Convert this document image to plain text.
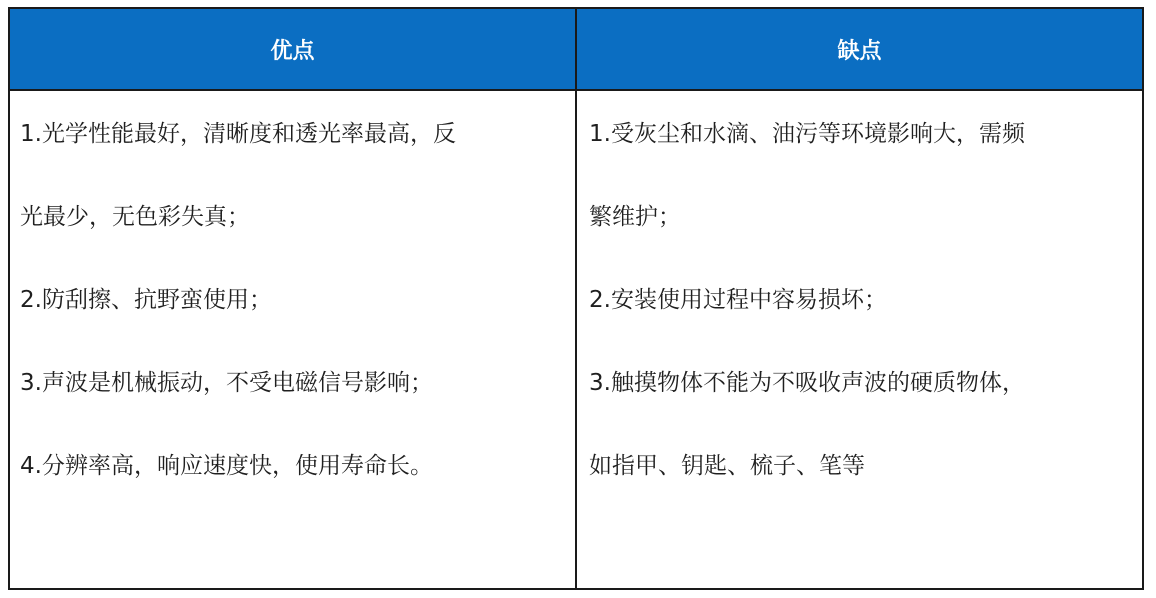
优点	缺点
1.光学性能最好，清晰度和透光率最高，反
光最少，无色彩失真；
2.防刮擦、抗野蛮使用；
3.声波是机械振动，不受电磁信号影响；
4.分辨率高，响应速度快，使用寿命长。
1.受灰尘和水滴、油污等环境影响大，需频
繁维护；
2.安装使用过程中容易损坏；
3.触摸物体不能为不吸收声波的硬质物体，
如指甲、钥匙、梳子、笔等
